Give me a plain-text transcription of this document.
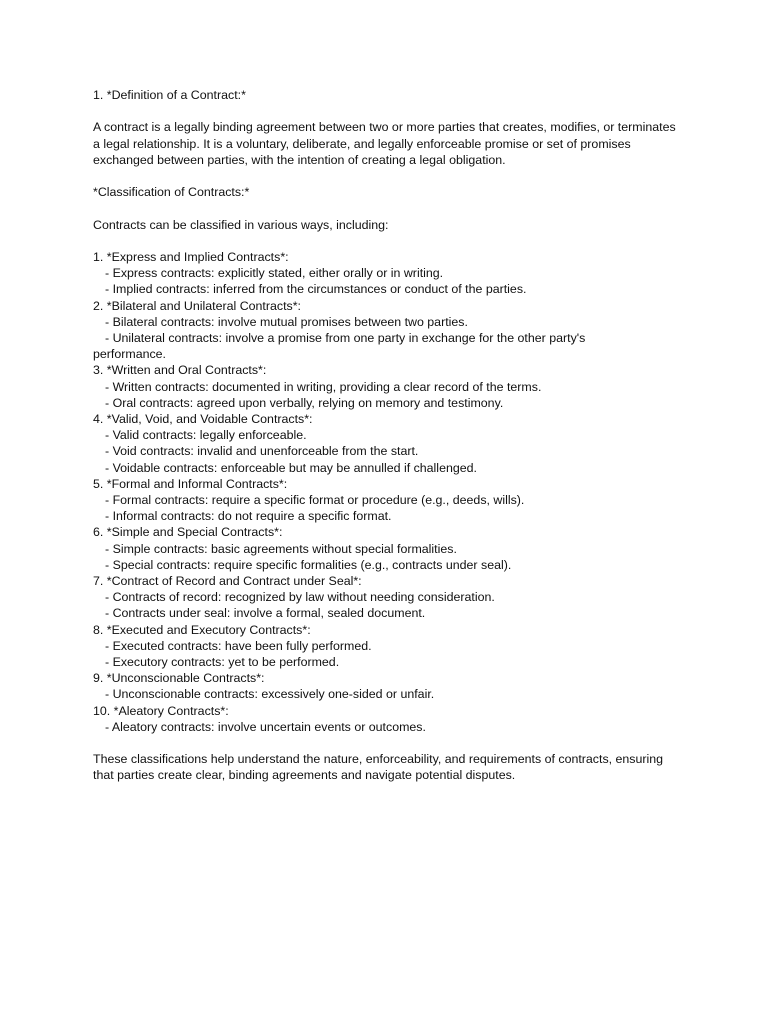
1. *Definition of a Contract:*

A contract is a legally binding agreement between two or more parties that creates, modifies, or terminates a legal relationship. It is a voluntary, deliberate, and legally enforceable promise or set of promises exchanged between parties, with the intention of creating a legal obligation.

*Classification of Contracts:*

Contracts can be classified in various ways, including:

1. *Express and Implied Contracts*:

- Express contracts: explicitly stated, either orally or in writing.

- Implied contracts: inferred from the circumstances or conduct of the parties.

2. *Bilateral and Unilateral Contracts*:

- Bilateral contracts: involve mutual promises between two parties.

- Unilateral contracts: involve a promise from one party in exchange for the other party's

performance.

3. *Written and Oral Contracts*:

- Written contracts: documented in writing, providing a clear record of the terms.

- Oral contracts: agreed upon verbally, relying on memory and testimony.

4. *Valid, Void, and Voidable Contracts*:

- Valid contracts: legally enforceable.

- Void contracts: invalid and unenforceable from the start.

- Voidable contracts: enforceable but may be annulled if challenged.

5. *Formal and Informal Contracts*:

- Formal contracts: require a specific format or procedure (e.g., deeds, wills).

- Informal contracts: do not require a specific format.

6. *Simple and Special Contracts*:

- Simple contracts: basic agreements without special formalities.

- Special contracts: require specific formalities (e.g., contracts under seal).

7. *Contract of Record and Contract under Seal*:

- Contracts of record: recognized by law without needing consideration.

- Contracts under seal: involve a formal, sealed document.

8. *Executed and Executory Contracts*:

- Executed contracts: have been fully performed.

- Executory contracts: yet to be performed.

9. *Unconscionable Contracts*:

- Unconscionable contracts: excessively one-sided or unfair.

10. *Aleatory Contracts*:

- Aleatory contracts: involve uncertain events or outcomes.

These classifications help understand the nature, enforceability, and requirements of contracts, ensuring that parties create clear, binding agreements and navigate potential disputes.
